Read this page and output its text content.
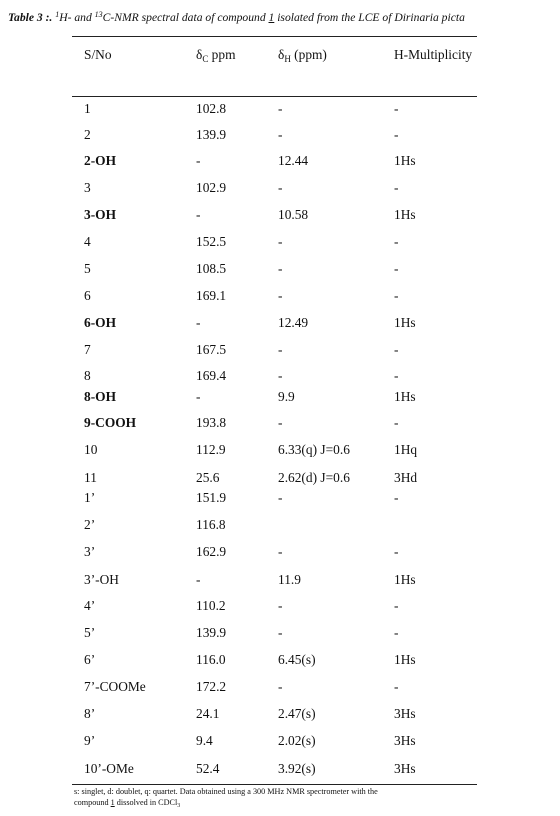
Table 3 :. $^1$H- and $^{13}$C-NMR spectral data of compound 1 isolated from the LCE of Dirinaria picta
S/No	$\delta_C$ ppm	$\delta_H$ (ppm)	H-Multiplicity
1	102.8	-	-
2	139.9	-	-
2-OH	-	12.44	1Hs
3	102.9	-	-
3-OH	-	10.58	1Hs
4	152.5	-	-
5	108.5	-	-
6	169.1	-	-
6-OH	-	12.49	1Hs
7	167.5	-	-
8	169.4	-	-
8-OH	-	9.9	1Hs
9-COOH	193.8	-	-
10	112.9	6.33(q) J=0.6	1Hq
11	25.6	2.62(d) J=0.6	3Hd
1’	151.9	-	-
2’	116.8
3’	162.9	-	-
3’-OH	-	11.9	1Hs
4’	110.2	-	-
5’	139.9	-	-
6’	116.0	6.45(s)	1Hs
7’-COOMe	172.2	-	-
8’	24.1	2.47(s)	3Hs
9’	9.4	2.02(s)	3Hs
10’-OMe	52.4	3.92(s)	3Hs
s: singlet, d: doublet, q: quartet. Data obtained using a 300 MHz NMR spectrometer with the
compound 1 dissolved in CDCl$_3$
